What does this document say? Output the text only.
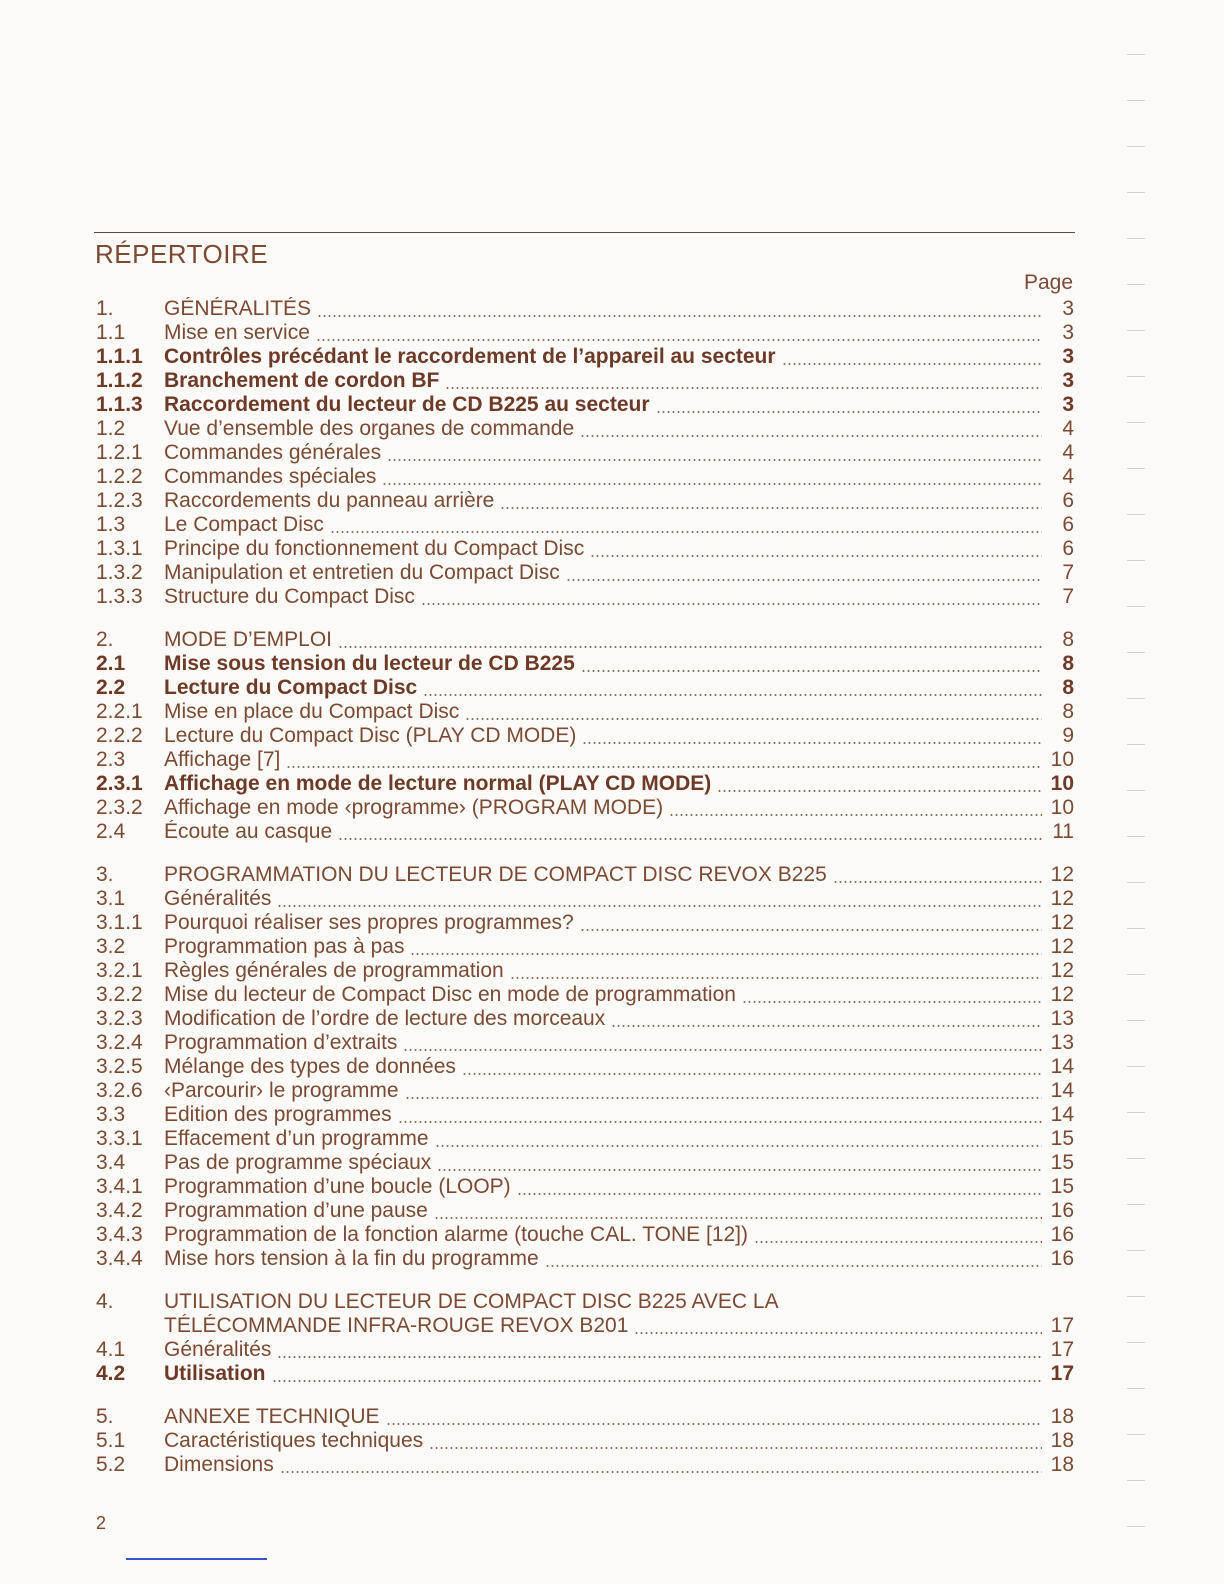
RÉPERTOIRE
Page
1.	GÉNÉRALITÉS	3
1.1	Mise en service	3
1.1.1	Contrôles précédant le raccordement de l’appareil au secteur	3
1.1.2	Branchement de cordon BF	3
1.1.3	Raccordement du lecteur de CD B225 au secteur	3
1.2	Vue d’ensemble des organes de commande	4
1.2.1	Commandes générales	4
1.2.2	Commandes spéciales	4
1.2.3	Raccordements du panneau arrière	6
1.3	Le Compact Disc	6
1.3.1	Principe du fonctionnement du Compact Disc	6
1.3.2	Manipulation et entretien du Compact Disc	7
1.3.3	Structure du Compact Disc	7
2.	MODE D’EMPLOI	8
2.1	Mise sous tension du lecteur de CD B225	8
2.2	Lecture du Compact Disc	8
2.2.1	Mise en place du Compact Disc	8
2.2.2	Lecture du Compact Disc (PLAY CD MODE)	9
2.3	Affichage [7]	10
2.3.1	Affichage en mode de lecture normal (PLAY CD MODE)	10
2.3.2	Affichage en mode ‹programme› (PROGRAM MODE)	10
2.4	Écoute au casque	11
3.	PROGRAMMATION DU LECTEUR DE COMPACT DISC REVOX B225	12
3.1	Généralités	12
3.1.1	Pourquoi réaliser ses propres programmes?	12
3.2	Programmation pas à pas	12
3.2.1	Règles générales de programmation	12
3.2.2	Mise du lecteur de Compact Disc en mode de programmation	12
3.2.3	Modification de l’ordre de lecture des morceaux	13
3.2.4	Programmation d’extraits	13
3.2.5	Mélange des types de données	14
3.2.6	‹Parcourir› le programme	14
3.3	Edition des programmes	14
3.3.1	Effacement d’un programme	15
3.4	Pas de programme spéciaux	15
3.4.1	Programmation d’une boucle (LOOP)	15
3.4.2	Programmation d’une pause	16
3.4.3	Programmation de la fonction alarme (touche CAL. TONE [12])	16
3.4.4	Mise hors tension à la fin du programme	16
4.	UTILISATION DU LECTEUR DE COMPACT DISC B225 AVEC LA
TÉLÉCOMMANDE INFRA-ROUGE REVOX B201	17
4.1	Généralités	17
4.2	Utilisation	17
5.	ANNEXE TECHNIQUE	18
5.1	Caractéristiques techniques	18
5.2	Dimensions	18
2
